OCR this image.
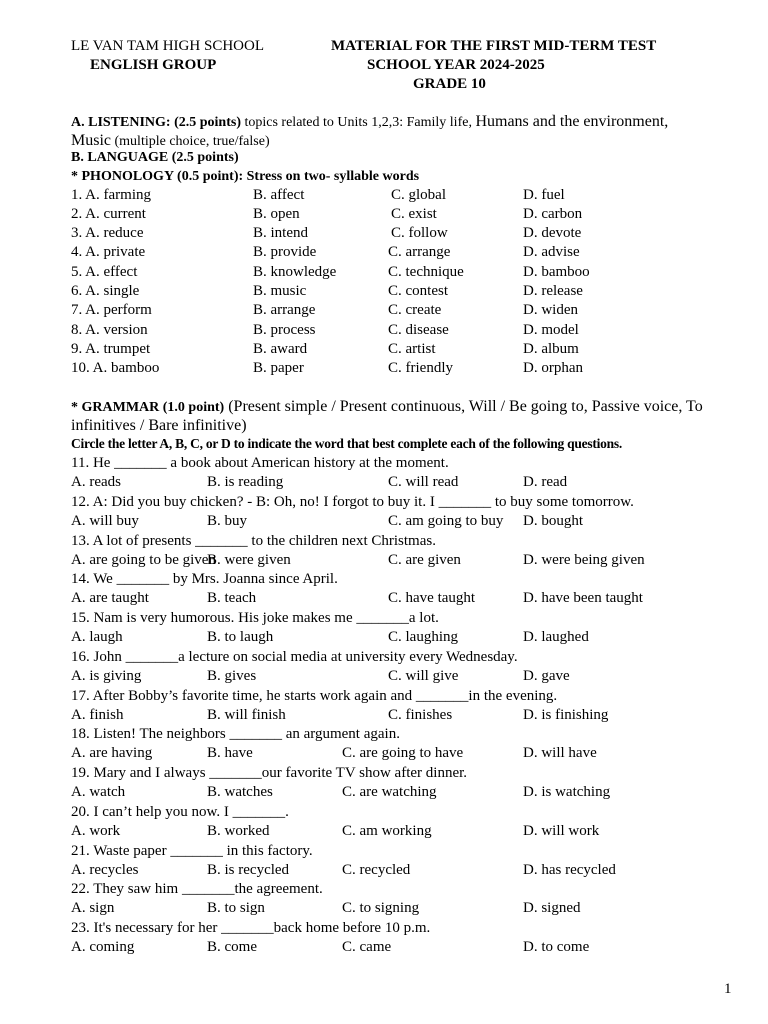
LE VAN TAM HIGH SCHOOL
ENGLISH GROUP
MATERIAL FOR THE FIRST MID-TERM TEST
SCHOOL YEAR 2024-2025
GRADE 10
A. LISTENING: (2.5 points) topics related to Units 1,2,3: Family life, Humans and the environment,
Music (multiple choice, true/false)
B. LANGUAGE (2.5 points)
* PHONOLOGY (0.5 point): Stress on two- syllable words
1. A. farming	B. affect	C. global	D. fuel
2. A. current	B. open	C. exist	D. carbon
3. A. reduce	B. intend	C. follow	D. devote
4. A. private	B. provide	C. arrange	D. advise
5. A. effect	B. knowledge	C. technique	D. bamboo
6. A. single	B. music	C. contest	D. release
7. A. perform	B. arrange	C. create	D. widen
8. A. version	B. process	C. disease	D. model
9. A. trumpet	B. award	C. artist	D. album
10. A. bamboo	B. paper	C. friendly	D. orphan
* GRAMMAR (1.0 point) (Present simple / Present continuous, Will / Be going to, Passive voice, To
infinitives / Bare infinitive)
Circle the letter A, B, C, or D to indicate the word that best complete each of the following questions.
11. He _______ a book about American history at the moment.
A. reads	B. is reading	C. will read	D. read
12. A: Did you buy chicken? - B: Oh, no! I forgot to buy it. I _______ to buy some tomorrow.
A. will buy	B. buy	C. am going to buy D. bought
13. A lot of presents _______ to the children next Christmas.
A. are going to be given
B. were given	C. are given	D. were being given
14. We _______ by Mrs. Joanna since April.
A. are taught	B. teach	C. have taught	D. have been taught
15. Nam is very humorous. His joke makes me _______a lot.
A. laugh	B. to laugh	C. laughing	D. laughed
16. John _______a lecture on social media at university every Wednesday.
A. is giving	B. gives	C. will give	D. gave
17. After Bobby’s favorite time, he starts work again and _______in the evening.
A. finish	B. will finish	C. finishes	D. is finishing
18. Listen! The neighbors _______ an argument again.
A. are having	B. have	C. are going to have	D. will have
19. Mary and I always _______our favorite TV show after dinner.
A. watch	B. watches	C. are watching	D. is watching
20. I can’t help you now. I _______.
A. work	B. worked	C. am working	D. will work
21. Waste paper _______ in this factory.
A. recycles	B. is recycled	C. recycled	D. has recycled
22. They saw him _______the agreement.
A. sign	B. to sign	C. to signing	D. signed
23. It's necessary for her _______back home before 10 p.m.
A. coming	B. come	C. came	D. to come
1
